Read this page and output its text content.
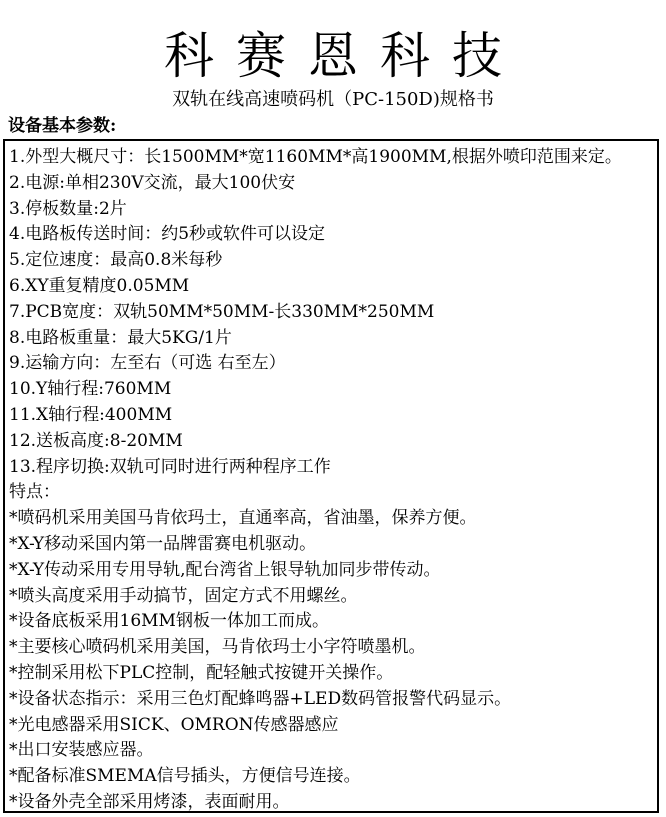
科赛恩科技
双轨在线高速喷码机（PC-150D)规格书
设备基本参数:
1.外型大概尺寸：长1500MM*宽1160MM*高1900MM,根据外喷印范围来定。
2.电源:单相230V交流，最大100伏安
3.停板数量:2片
4.电路板传送时间：约5秒或软件可以设定
5.定位速度：最高0.8米每秒
6.XY重复精度0.05MM
7.PCB宽度：双轨50MM*50MM-长330MM*250MM
8.电路板重量：最大5KG/1片
9.运输方向：左至右（可选 右至左）
10.Y轴行程:760MM
11.X轴行程:400MM
12.送板高度:8-20MM
13.程序切换:双轨可同时进行两种程序工作
特点：
*喷码机采用美国马肯依玛士，直通率高，省油墨，保养方便。
*X-Y移动采国内第一品牌雷赛电机驱动。
*X-Y传动采用专用导轨,配台湾省上银导轨加同步带传动。
*喷头高度采用手动搞节，固定方式不用螺丝。
*设备底板采用16MM钢板一体加工而成。
*主要核心喷码机采用美国，马肯依玛士小字符喷墨机。
*控制采用松下PLC控制，配轻触式按键开关操作。
*设备状态指示：采用三色灯配蜂鸣器+LED数码管报警代码显示。
*光电感器采用SICK、OMRON传感器感应
*出口安装感应器。
*配备标准SMEMA信号插头，方便信号连接。
*设备外壳全部采用烤漆，表面耐用。
